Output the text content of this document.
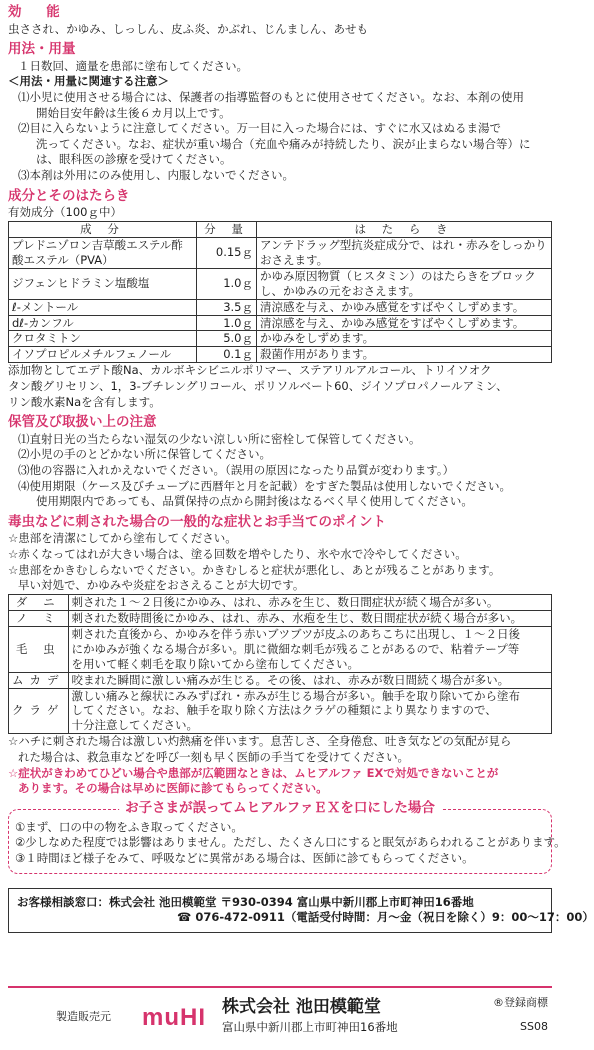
効 能
虫さされ、かゆみ、しっしん、皮ふ炎、かぶれ、じんましん、あせも
用法・用量
１日数回、適量を患部に塗布してください。
＜用法・用量に関連する注意＞
⑴小児に使用させる場合には、保護者の指導監督のもとに使用させてください。なお、本剤の使用
開始目安年齢は生後６カ月以上です。
⑵目に入らないように注意してください。万一目に入った場合には、すぐに水又はぬるま湯で
洗ってください。なお、症状が重い場合（充血や痛みが持続したり、涙が止まらない場合等）に
は、眼科医の診療を受けてください。
⑶本剤は外用にのみ使用し、内服しないでください。
成分とそのはたらき
有効成分（100ｇ中）
成 分	分 量	は た ら き
プレドニゾロン吉草酸エステル酢酸エステル（PVA）	0.15ｇ	アンテドラッグ型抗炎症成分で、はれ・赤みをしっかりおさえます。
ジフェンヒドラミン塩酸塩	1.0ｇ	かゆみ原因物質（ヒスタミン）のはたらきをブロックし、かゆみの元をおさえます。
ℓ-メントール	3.5ｇ	清涼感を与え、かゆみ感覚をすばやくしずめます。
dℓ-カンフル	1.0ｇ	清涼感を与え、かゆみ感覚をすばやくしずめます。
クロタミトン	5.0ｇ	かゆみをしずめます。
イソプロピルメチルフェノール	0.1ｇ	殺菌作用があります。
添加物としてエデト酸Na、カルボキシビニルポリマー、ステアリルアルコール、トリイソオク
タン酸グリセリン、1，3-ブチレングリコール、ポリソルベート60、ジイソプロパノールアミン、
リン酸水素Naを含有します。
保管及び取扱い上の注意
⑴直射日光の当たらない湿気の少ない涼しい所に密栓して保管してください。
⑵小児の手のとどかない所に保管してください。
⑶他の容器に入れかえないでください。（誤用の原因になったり品質が変わります。）
⑷使用期限（ケース及びチューブに西暦年と月を記載）をすぎた製品は使用しないでください。
使用期限内であっても、品質保持の点から開封後はなるべく早く使用してください。
毒虫などに刺された場合の一般的な症状とお手当てのポイント
☆患部を清潔にしてから塗布してください。
☆赤くなってはれが大きい場合は、塗る回数を増やしたり、氷や水で冷やしてください。
☆患部をかきむしらないでください。かきむしると症状が悪化し、あとが残ることがあります。
早い対処で、かゆみや炎症をおさえることが大切です。
ダ ニ	刺された１～２日後にかゆみ、はれ、赤みを生じ、数日間症状が続く場合が多い。

ノ ミ	刺された数時間後にかゆみ、はれ、赤み、水疱を生じ、数日間症状が続く場合が多い。

毛 虫	刺された直後から、かゆみを伴う赤いブツブツが皮ふのあちこちに出現し、１～２日後
にかゆみが強くなる場合が多い。肌に微細な刺毛が残ることがあるので、粘着テープ等
を用いて軽く刺毛を取り除いてから塗布してください。

ムカデ	咬まれた瞬間に激しい痛みが生じる。その後、はれ、赤みが数日間続く場合が多い。

クラゲ	激しい痛みと線状にみみずばれ・赤みが生じる場合が多い。触手を取り除いてから塗布
してください。なお、触手を取り除く方法はクラゲの種類により異なりますので、
十分注意してください。
☆ハチに刺された場合は激しい灼熱痛を伴います。息苦しさ、全身倦怠、吐き気などの気配が見ら
れた場合は、救急車などを呼び一刻も早く医師の手当てを受けてください。
☆症状がきわめてひどい場合や患部が広範囲なときは、ムヒアルファ EXで対処できないことが
あります。その場合は早めに医師に診てもらってください。
お子さまが誤ってムヒアルファＥＸを口にした場合
①まず、口の中の物をふき取ってください。
②少しなめた程度では影響はありません。ただし、たくさん口にすると眠気があらわれることがあります。
③１時間ほど様子をみて、呼吸などに異常がある場合は、医師に診てもらってください。
お客様相談窓口：株式会社 池田模範堂 〒930-0394 富山県中新川郡上市町神田16番地
☎ 076-472-0911（電話受付時間：月～金（祝日を除く）9：00～17：00）
製造販売元 muHI 株式会社 池田模範堂
富山県中新川郡上市町神田16番地
®登録商標
SS08
